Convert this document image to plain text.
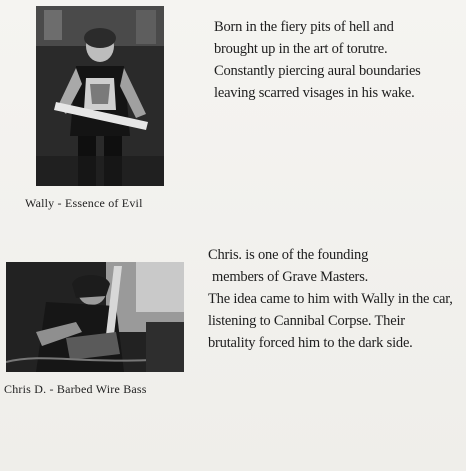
Wally - Essence of Evil

Born in the fiery pits of hell and

brought up in the art of torutre.

Constantly piercing aural boundaries

leaving scarred visages in his wake.

Chris D. - Barbed Wire Bass

Chris. is one of the founding

members of Grave Masters.

The idea came to him with Wally in the car,

listening to Cannibal Corpse. Their

brutality forced him to the dark side.
